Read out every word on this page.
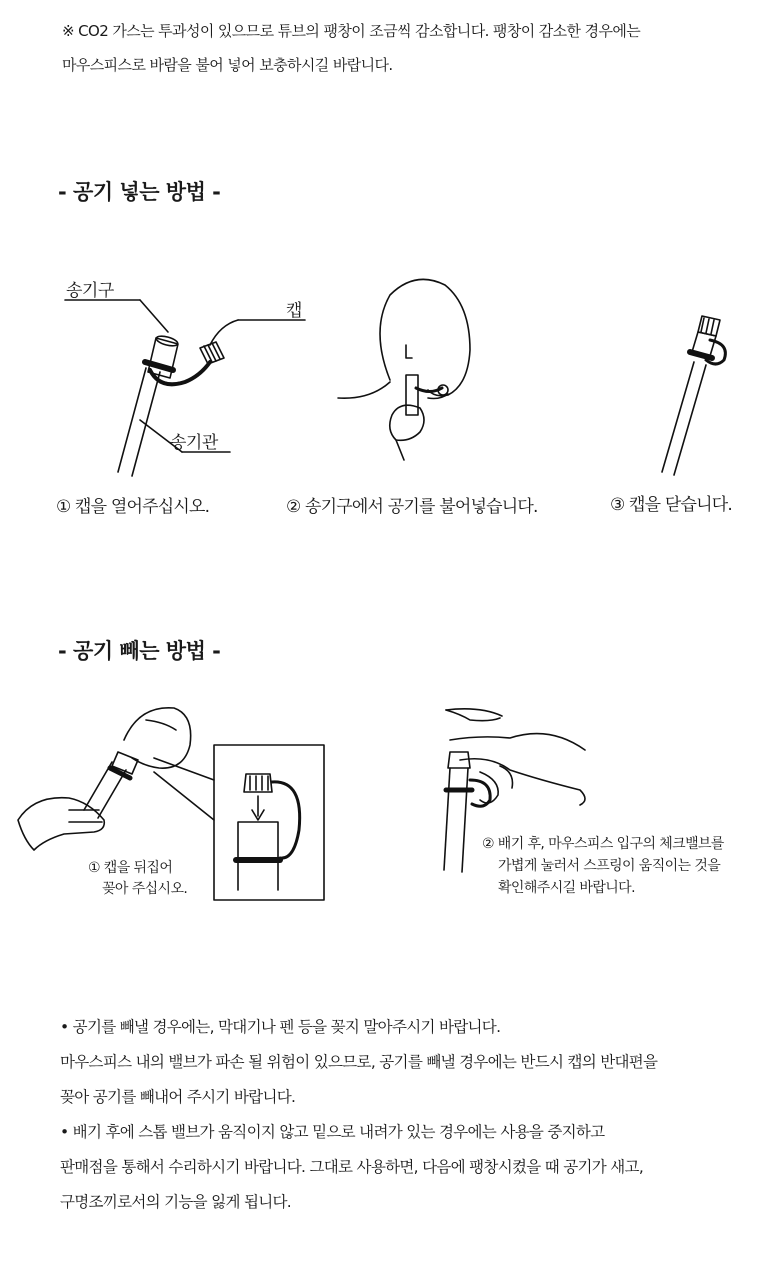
※ CO2 가스는 투과성이 있으므로 튜브의 팽창이 조금씩 감소합니다. 팽창이 감소한 경우에는
마우스피스로 바람을 불어 넣어 보충하시길 바랍니다.
- 공기 넣는 방법 -
송기구
캡
송기관
① 캡을 열어주십시오.	② 송기구에서 공기를 불어넣습니다.	③ 캡을 닫습니다.
- 공기 빼는 방법 -
① 캡을 뒤집어
꽂아 주십시오.
② 배기 후, 마우스피스 입구의 체크밸브를
가볍게 눌러서 스프링이 움직이는 것을
확인해주시길 바랍니다.

• 공기를 빼낼 경우에는, 막대기나 펜 등을 꽂지 말아주시기 바랍니다.

마우스피스 내의 밸브가 파손 될 위험이 있으므로, 공기를 빼낼 경우에는 반드시 캡의 반대편을

꽂아 공기를 빼내어 주시기 바랍니다.

• 배기 후에 스톱 밸브가 움직이지 않고 밑으로 내려가 있는 경우에는 사용을 중지하고

판매점을 통해서 수리하시기 바랍니다. 그대로 사용하면, 다음에 팽창시켰을 때 공기가 새고,

구명조끼로서의 기능을 잃게 됩니다.
